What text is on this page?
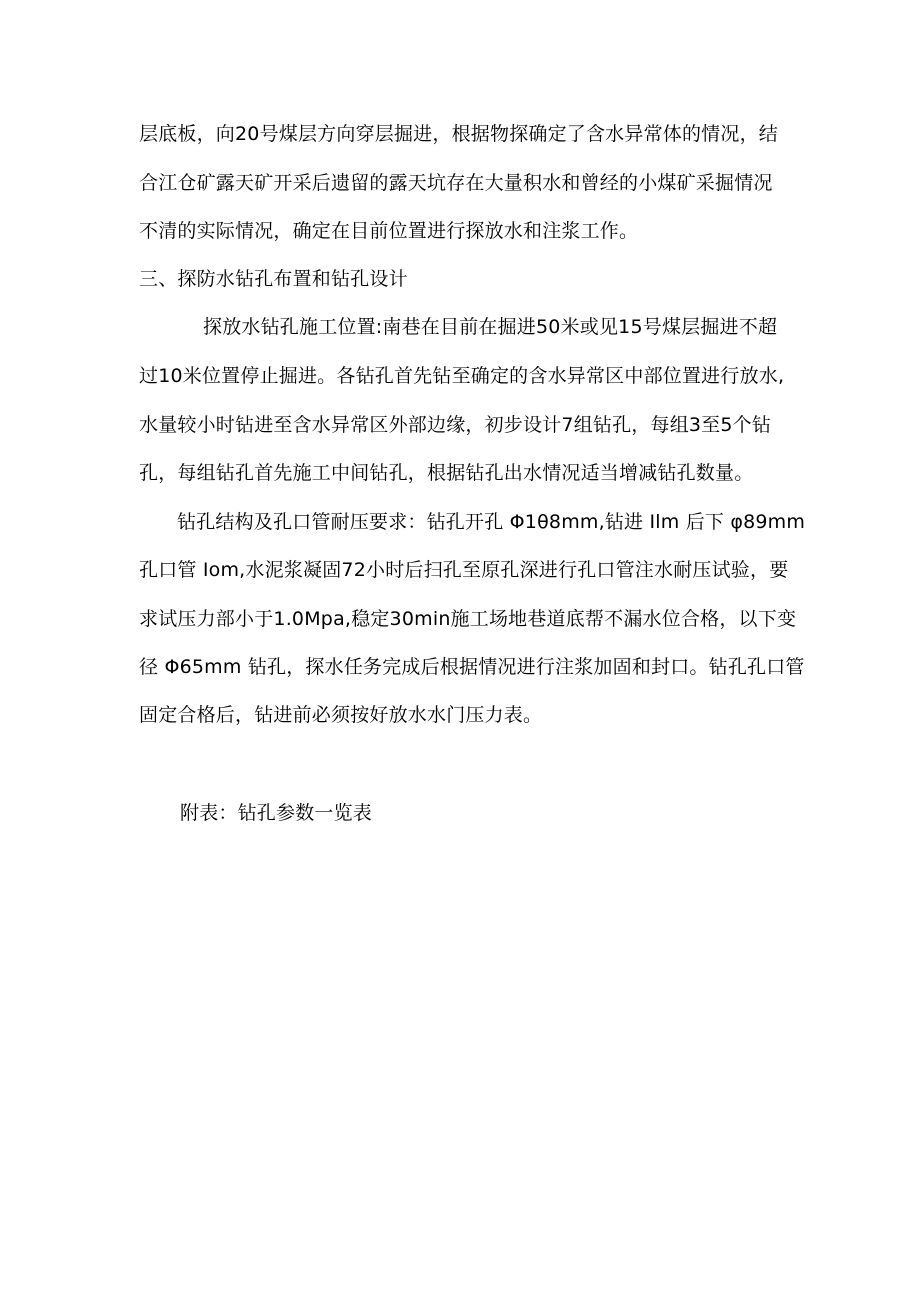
层底板，向20号煤层方向穿层掘进，根据物探确定了含水异常体的情况，结
合江仓矿露天矿开采后遗留的露天坑存在大量积水和曾经的小煤矿采掘情况
不清的实际情况，确定在目前位置进行探放水和注浆工作。
三、探防水钻孔布置和钻孔设计
探放水钻孔施工位置:南巷在目前在掘进50米或见15号煤层掘进不超
过10米位置停止掘进。各钻孔首先钻至确定的含水异常区中部位置进行放水,
水量较小时钻进至含水异常区外部边缘，初步设计7组钻孔，每组3至5个钻
孔，每组钻孔首先施工中间钻孔，根据钻孔出水情况适当增减钻孔数量。
钻孔结构及孔口管耐压要求：钻孔开孔 Φ1θ8mm,钻进 Ilm 后下 φ89mm
孔口管 Iom,水泥浆凝固72小时后扫孔至原孔深进行孔口管注水耐压试验，要
求试压力部小于1.0Mpa,稳定30min施工场地巷道底帮不漏水位合格，以下变
径 Φ65mm 钻孔，探水任务完成后根据情况进行注浆加固和封口。钻孔孔口管
固定合格后，钻进前必须按好放水水门压力表。
附表：钻孔参数一览表
